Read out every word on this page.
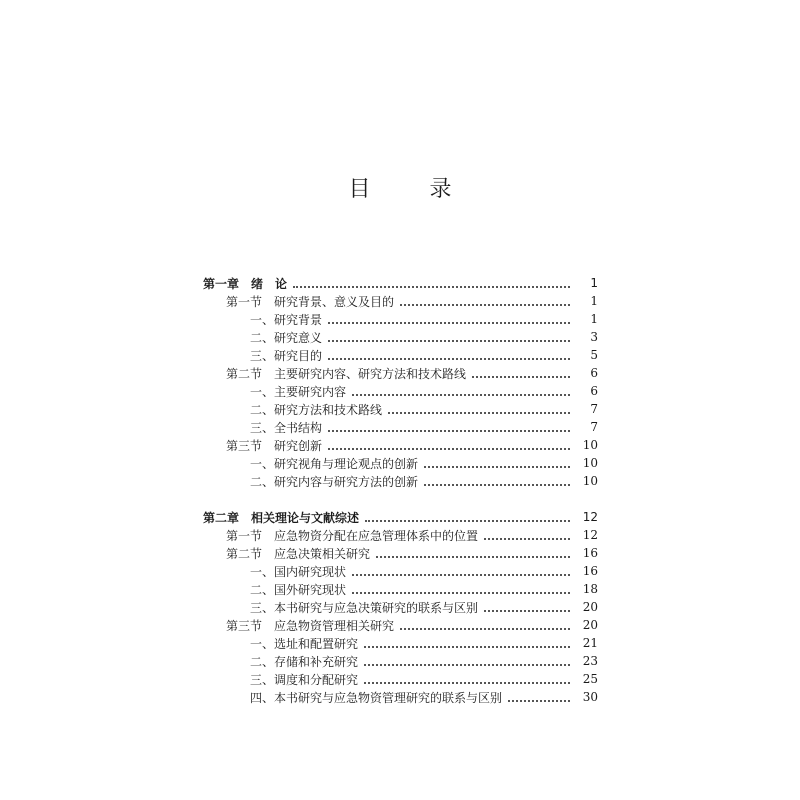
目 录
第一章　绪　论	1
第一节　研究背景、意义及目的	1
一、研究背景	1
二、研究意义	3
三、研究目的	5
第二节　主要研究内容、研究方法和技术路线	6
一、主要研究内容	6
二、研究方法和技术路线	7
三、全书结构	7
第三节　研究创新	10
一、研究视角与理论观点的创新	10
二、研究内容与研究方法的创新	10
第二章　相关理论与文献综述	12
第一节　应急物资分配在应急管理体系中的位置	12
第二节　应急决策相关研究	16
一、国内研究现状	16
二、国外研究现状	18
三、本书研究与应急决策研究的联系与区别	20
第三节　应急物资管理相关研究	20
一、选址和配置研究	21
二、存储和补充研究	23
三、调度和分配研究	25
四、本书研究与应急物资管理研究的联系与区别	30
